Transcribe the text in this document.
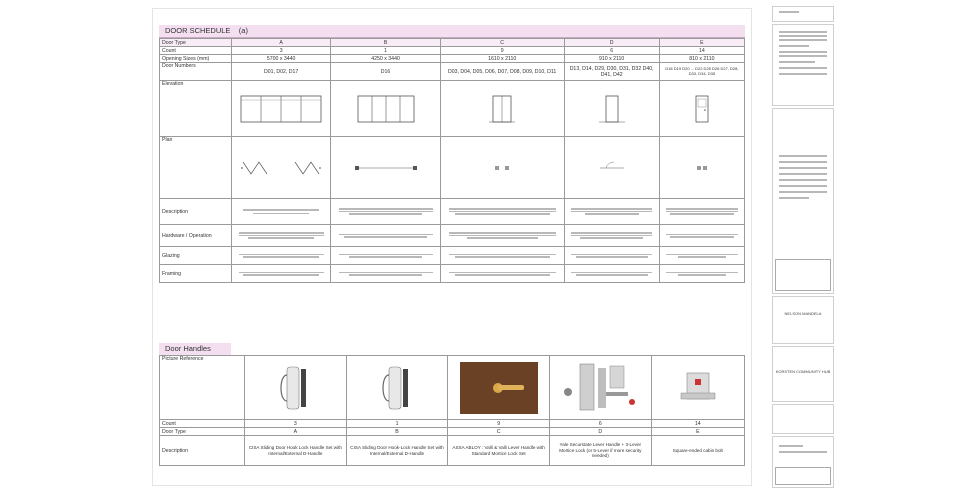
DOOR SCHEDULE (a)
Door Type	A	B	C	D	E
Count	3	1	9	6	14
Opening Sizes (mm)	5700 x 3440	4250 x 3440	1610 x 2110	910 x 2110	810 x 2110
Door Numbers	D01, D02, D17	D16	D03, D04, D05, D06, D07, D08, D09, D10, D11	D13, D14, D29, D30, D31, D32 D40, D41, D42	D18 D19 D20 ... D22 D25 D26 D27, D28, D33, D34, D35
Elevation	

Plan	

Description	

Hardware / Operation	

Glazing	

Framing	

Door Handles
Picture Reference	

Count	3	1	9	6	14
Door Type	A	B	C	D	E
Description	CISA Sliding Door Hook Lock Handle Set with Internal/External D-Handle	CISA Sliding Door Hook-Lock Handle Set with Internal/External D-Handle	ASSA ABLOY : Valli & Valli Lever Handle with Standard Mortice Lock Set	Yale Securstate Lever Handle + 3-Lever Mortice Lock (or 5-Lever if more security needed)	Square-ended cabin bolt
NELSON MANDELA
KORSTEN COMMUNITY HUB
